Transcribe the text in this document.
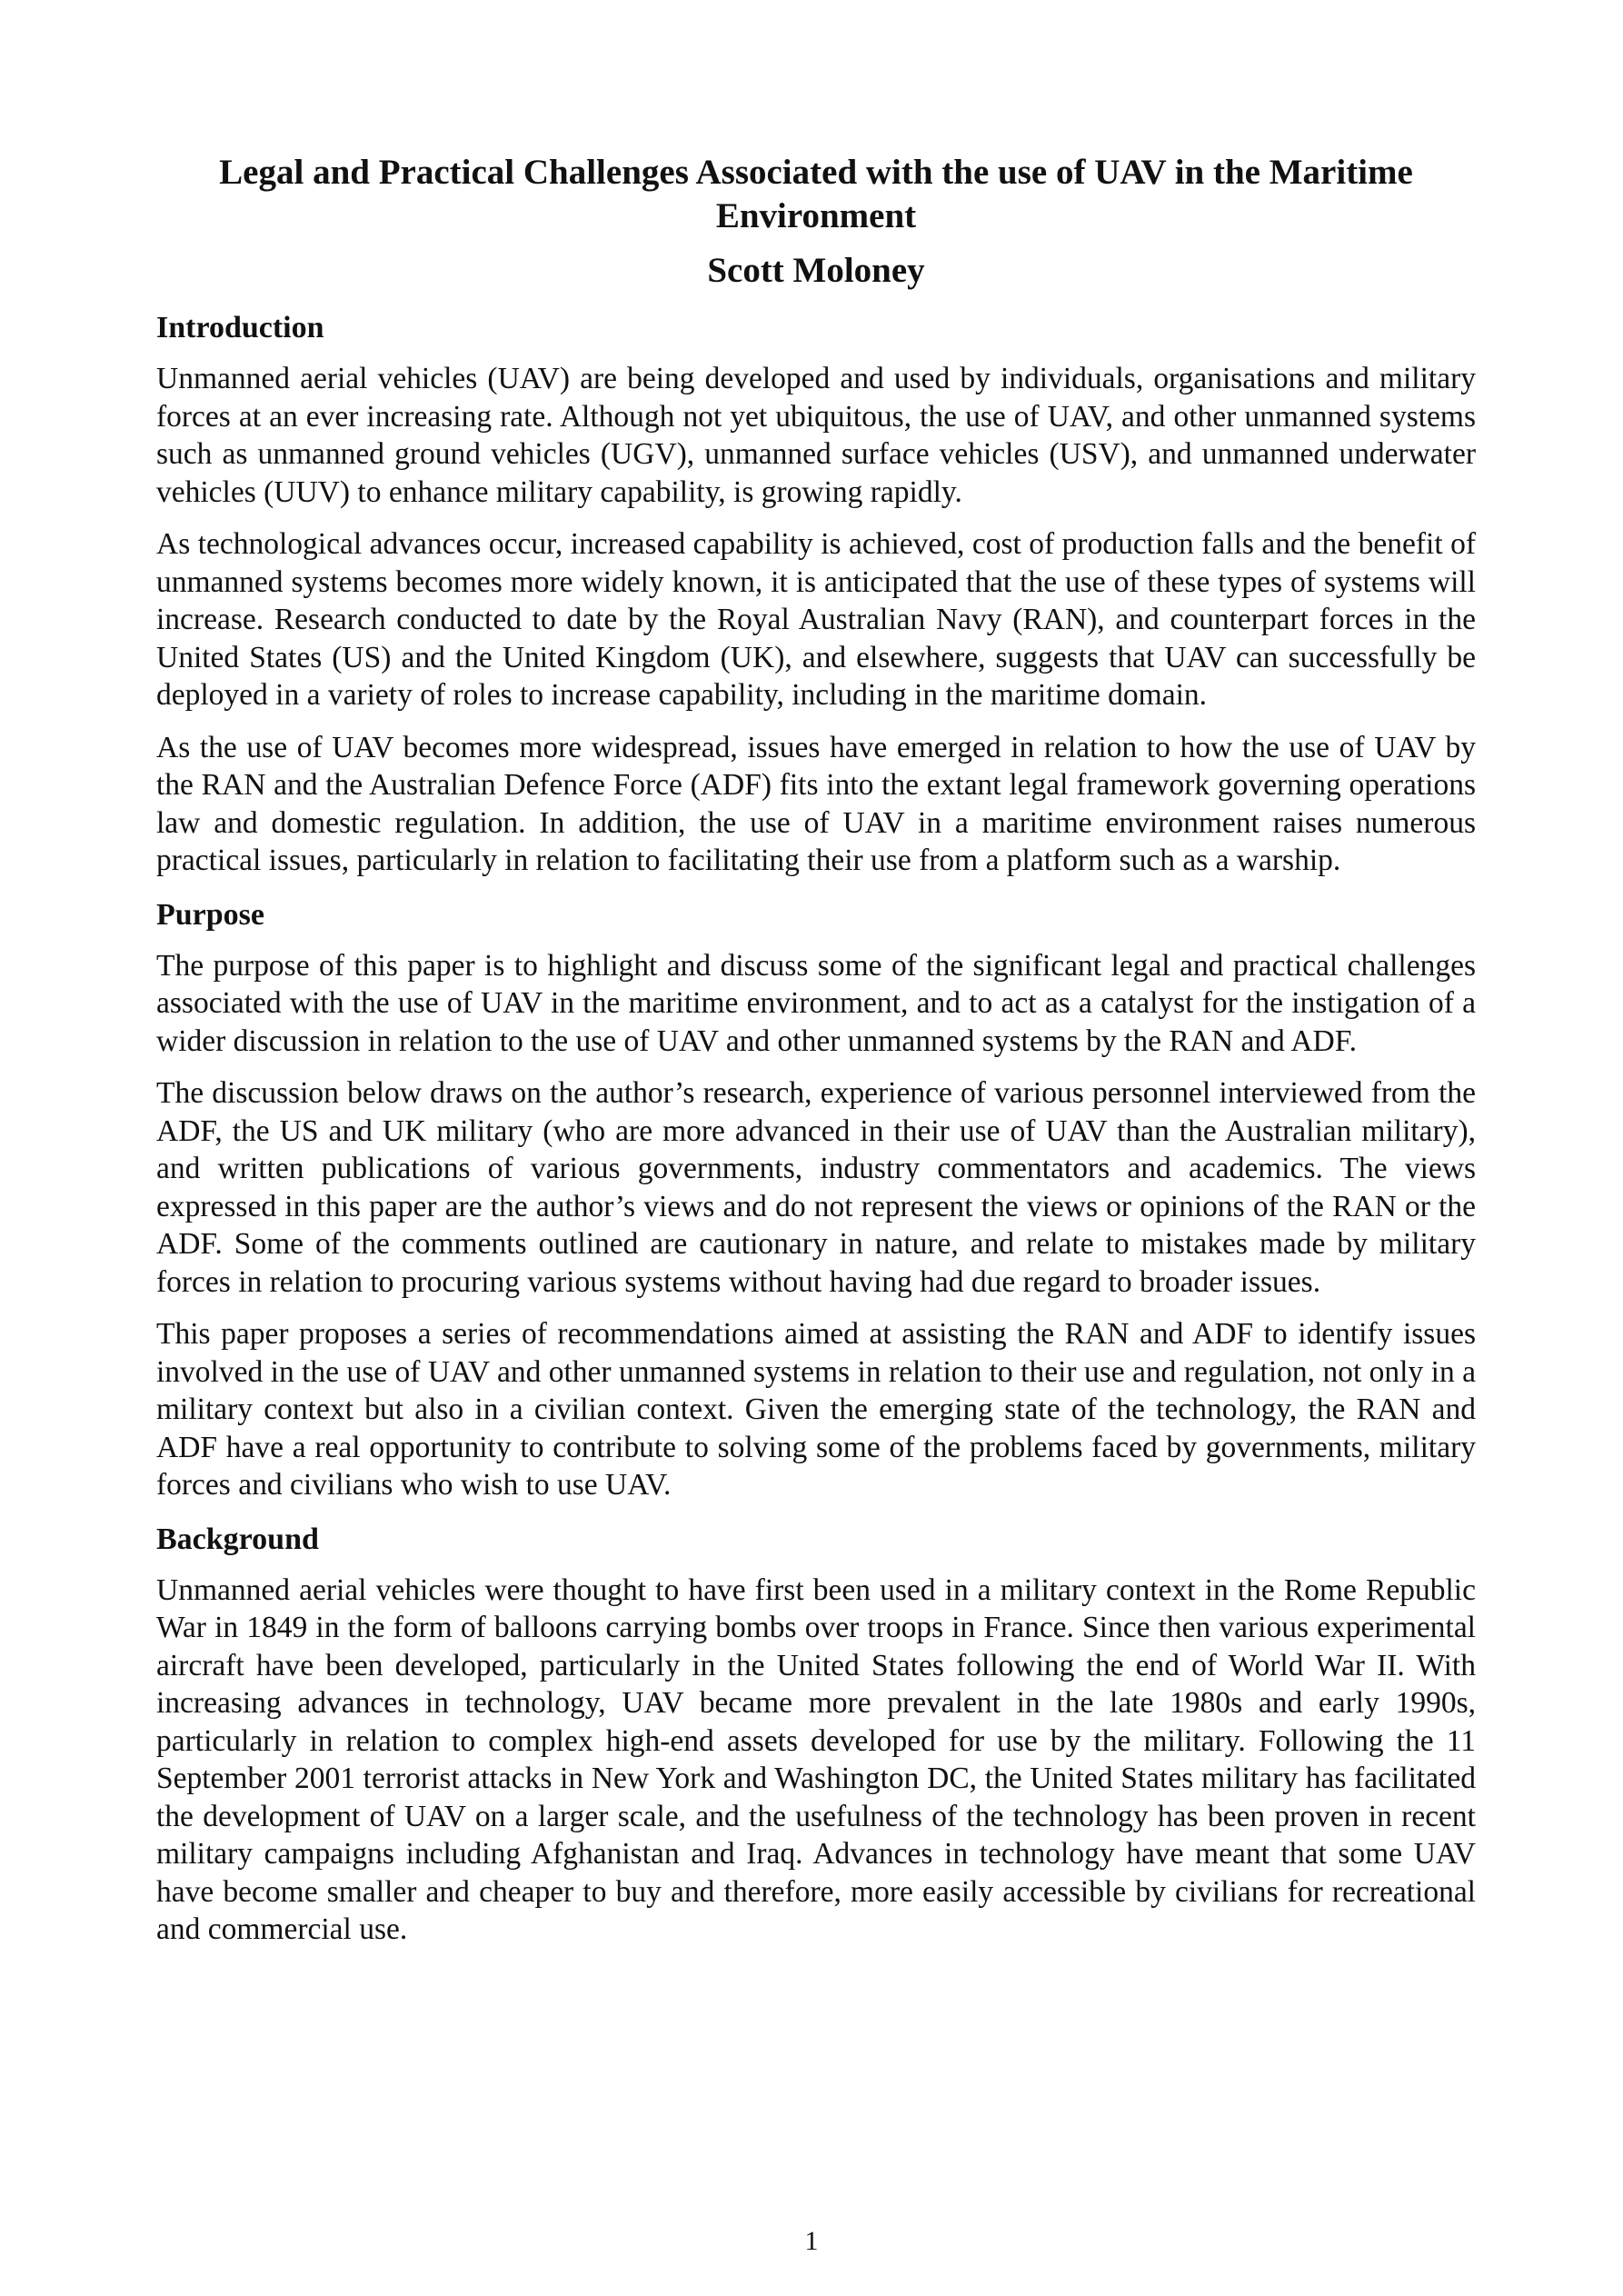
Legal and Practical Challenges Associated with the use of UAV in the Maritime Environment
Scott Moloney
Introduction

Unmanned aerial vehicles (UAV) are being developed and used by individuals, organisations and military forces at an ever increasing rate. Although not yet ubiquitous, the use of UAV, and other unmanned systems such as unmanned ground vehicles (UGV), unmanned surface vehicles (USV), and unmanned underwater vehicles (UUV) to enhance military capability, is growing rapidly.

As technological advances occur, increased capability is achieved, cost of production falls and the benefit of unmanned systems becomes more widely known, it is anticipated that the use of these types of systems will increase. Research conducted to date by the Royal Australian Navy (RAN), and counterpart forces in the United States (US) and the United Kingdom (UK), and elsewhere, suggests that UAV can successfully be deployed in a variety of roles to increase capability, including in the maritime domain.

As the use of UAV becomes more widespread, issues have emerged in relation to how the use of UAV by the RAN and the Australian Defence Force (ADF) fits into the extant legal framework governing operations law and domestic regulation. In addition, the use of UAV in a maritime environment raises numerous practical issues, particularly in relation to facilitating their use from a platform such as a warship.

Purpose

The purpose of this paper is to highlight and discuss some of the significant legal and practical challenges associated with the use of UAV in the maritime environment, and to act as a catalyst for the instigation of a wider discussion in relation to the use of UAV and other unmanned systems by the RAN and ADF.

The discussion below draws on the author’s research, experience of various personnel interviewed from the ADF, the US and UK military (who are more advanced in their use of UAV than the Australian military), and written publications of various governments, industry commentators and academics. The views expressed in this paper are the author’s views and do not represent the views or opinions of the RAN or the ADF. Some of the comments outlined are cautionary in nature, and relate to mistakes made by military forces in relation to procuring various systems without having had due regard to broader issues.

This paper proposes a series of recommendations aimed at assisting the RAN and ADF to identify issues involved in the use of UAV and other unmanned systems in relation to their use and regulation, not only in a military context but also in a civilian context. Given the emerging state of the technology, the RAN and ADF have a real opportunity to contribute to solving some of the problems faced by governments, military forces and civilians who wish to use UAV.

Background

Unmanned aerial vehicles were thought to have first been used in a military context in the Rome Republic War in 1849 in the form of balloons carrying bombs over troops in France. Since then various experimental aircraft have been developed, particularly in the United States following the end of World War II. With increasing advances in technology, UAV became more prevalent in the late 1980s and early 1990s, particularly in relation to complex high-end assets developed for use by the military. Following the 11 September 2001 terrorist attacks in New York and Washington DC, the United States military has facilitated the development of UAV on a larger scale, and the usefulness of the technology has been proven in recent military campaigns including Afghanistan and Iraq. Advances in technology have meant that some UAV have become smaller and cheaper to buy and therefore, more easily accessible by civilians for recreational and commercial use.

1
